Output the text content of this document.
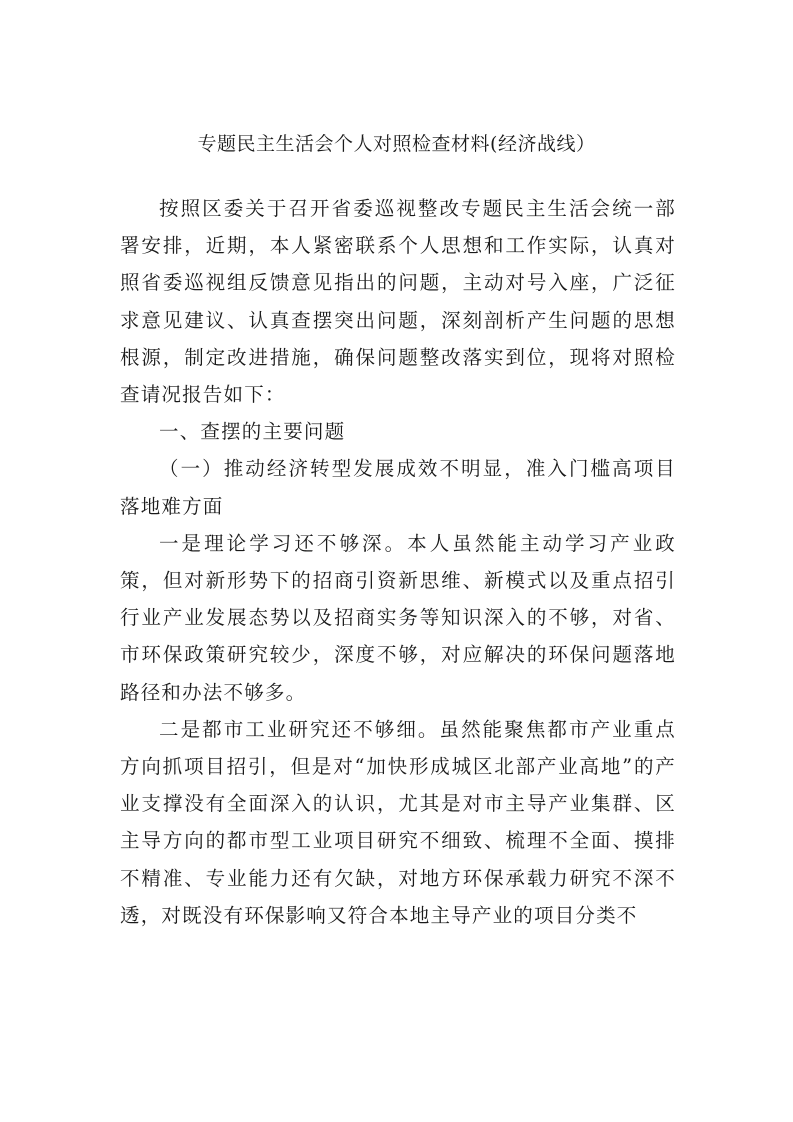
专题民主生活会个人对照检查材料(经济战线）

按照区委关于召开省委巡视整改专题民主生活会统一部署安排，近期，本人紧密联系个人思想和工作实际，认真对照省委巡视组反馈意见指出的问题，主动对号入座，广泛征求意见建议、认真查摆突出问题，深刻剖析产生问题的思想根源，制定改进措施，确保问题整改落实到位，现将对照检查请况报告如下：

一、查摆的主要问题

（一）推动经济转型发展成效不明显，准入门槛高项目落地难方面

一是理论学习还不够深。本人虽然能主动学习产业政策，但对新形势下的招商引资新思维、新模式以及重点招引行业产业发展态势以及招商实务等知识深入的不够，对省、市环保政策研究较少，深度不够，对应解决的环保问题落地路径和办法不够多。

二是都市工业研究还不够细。虽然能聚焦都市产业重点方向抓项目招引，但是对“加快形成城区北部产业高地”的产业支撑没有全面深入的认识，尤其是对市主导产业集群、区主导方向的都市型工业项目研究不细致、梳理不全面、摸排不精准、专业能力还有欠缺，对地方环保承载力研究不深不透，对既没有环保影响又符合本地主导产业的项目分类不
